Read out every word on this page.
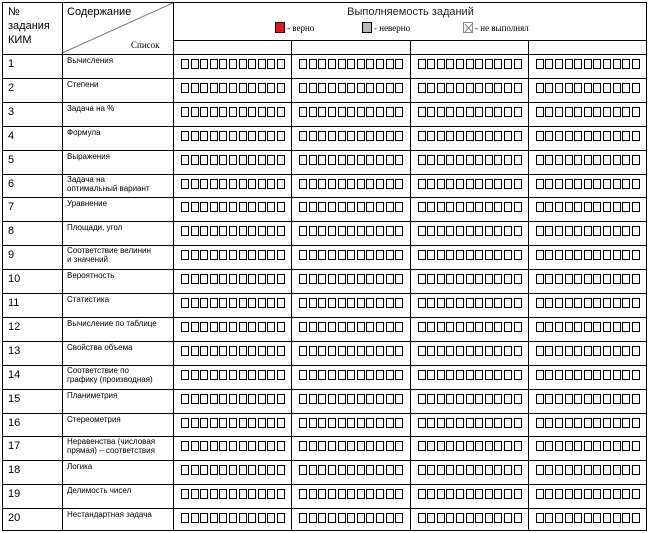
№
задания
КИМ
Содержание
Список
Выполняемость заданий
- верно	- неверно	- не выполнял
1	Вычисления
2	Степени
3	Задача на %
4	Формула
5	Выражения
6	Задача на
оптимальный вариант
7	Уравнение
8	Площади, угол
9	Соответствие велинин
и значений
10	Вероятность
11	Статистика
12	Вычисление по таблице
13	Свойства объема
14	Соответствие по
графику (производная)
15	Планиметрия
16	Стереометрия
17	Неравенства (числовая
прямая) – соответствия
18	Логика
19	Делимость чисел
20	Нестандартная задача
